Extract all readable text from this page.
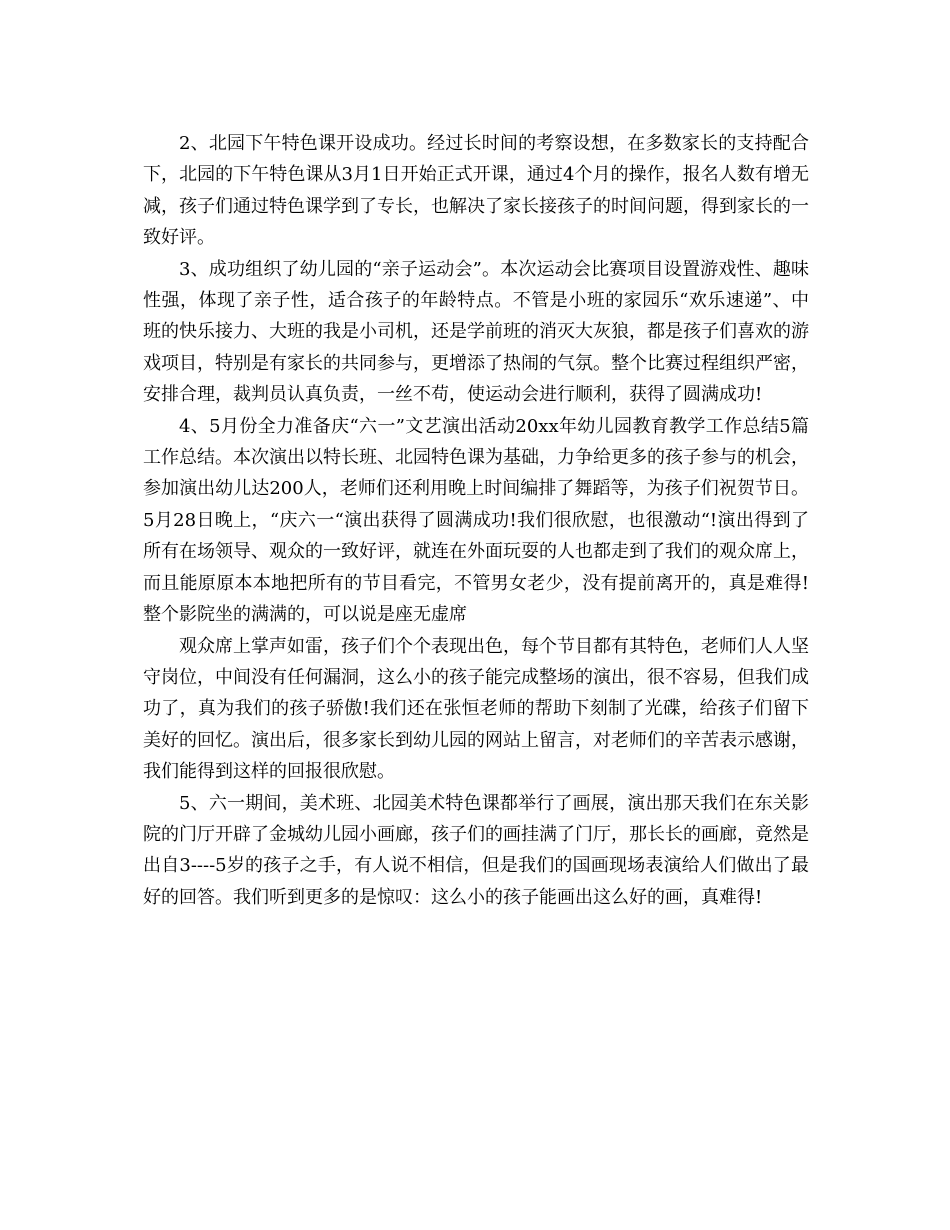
2、北园下午特色课开设成功。经过长时间的考察设想，在多数家长的支持配合下，北园的下午特色课从3月1日开始正式开课，通过4个月的操作，报名人数有增无减，孩子们通过特色课学到了专长，也解决了家长接孩子的时间问题，得到家长的一致好评。

3、成功组织了幼儿园的“亲子运动会”。本次运动会比赛项目设置游戏性、趣味性强，体现了亲子性，适合孩子的年龄特点。不管是小班的家园乐“欢乐速递”、中班的快乐接力、大班的我是小司机，还是学前班的消灭大灰狼，都是孩子们喜欢的游戏项目，特别是有家长的共同参与，更增添了热闹的气氛。整个比赛过程组织严密，安排合理，裁判员认真负责，一丝不苟，使运动会进行顺利，获得了圆满成功!

4、5月份全力准备庆“六一”文艺演出活动20xx年幼儿园教育教学工作总结5篇工作总结。本次演出以特长班、北园特色课为基础，力争给更多的孩子参与的机会，参加演出幼儿达200人，老师们还利用晚上时间编排了舞蹈等，为孩子们祝贺节日。5月28日晚上，“庆六一“演出获得了圆满成功!我们很欣慰，也很激动“!演出得到了所有在场领导、观众的一致好评，就连在外面玩耍的人也都走到了我们的观众席上，而且能原原本本地把所有的节目看完，不管男女老少，没有提前离开的，真是难得!整个影院坐的满满的，可以说是座无虚席

观众席上掌声如雷，孩子们个个表现出色，每个节目都有其特色，老师们人人坚守岗位，中间没有任何漏洞，这么小的孩子能完成整场的演出，很不容易，但我们成功了，真为我们的孩子骄傲!我们还在张恒老师的帮助下刻制了光碟，给孩子们留下美好的回忆。演出后，很多家长到幼儿园的网站上留言，对老师们的辛苦表示感谢，我们能得到这样的回报很欣慰。

5、六一期间，美术班、北园美术特色课都举行了画展，演出那天我们在东关影院的门厅开辟了金城幼儿园小画廊，孩子们的画挂满了门厅，那长长的画廊，竟然是出自3----5岁的孩子之手，有人说不相信，但是我们的国画现场表演给人们做出了最好的回答。我们听到更多的是惊叹：这么小的孩子能画出这么好的画，真难得!
